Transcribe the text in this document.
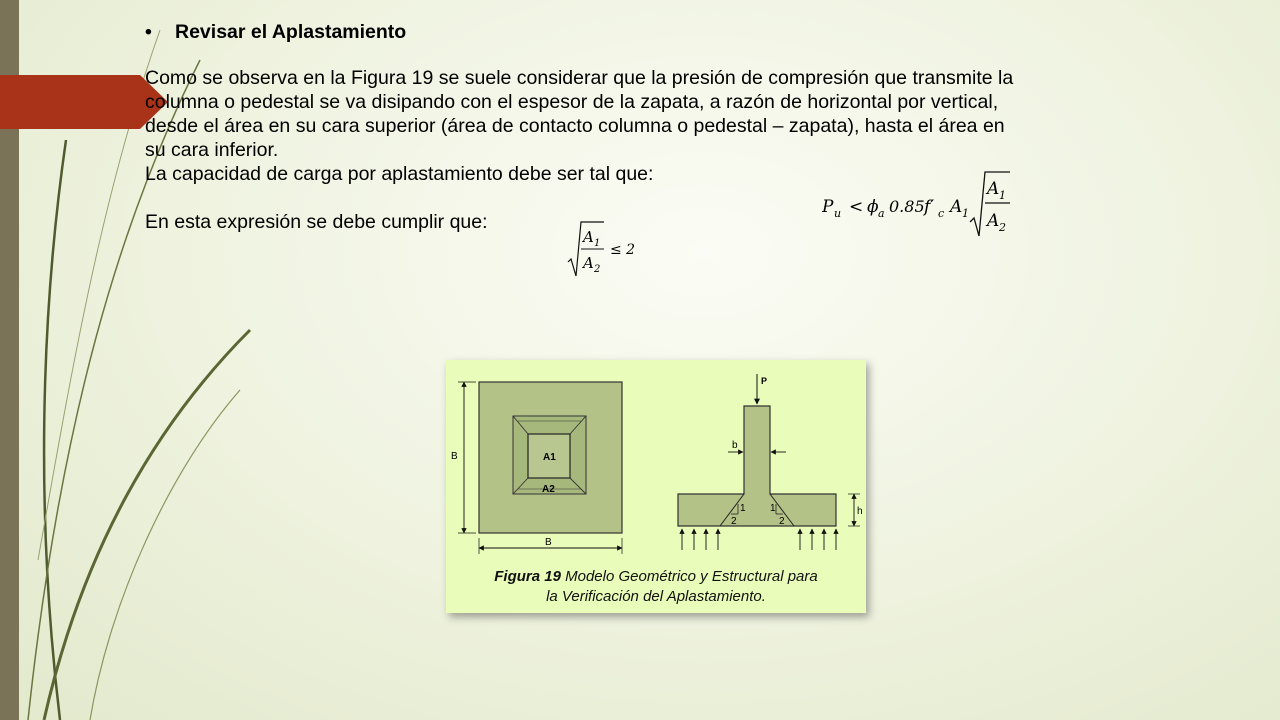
•	Revisar el Aplastamiento

Como se observa en la Figura 19 se suele considerar que la presión de compresión que transmite la

columna o pedestal se va disipando con el espesor de la zapata, a razón de horizontal por vertical,

desde el área en su cara superior (área de contacto columna o pedestal – zapata), hasta el área en

su cara inferior.

La capacidad de carga por aplastamiento debe ser tal que:

En esta expresión se debe cumplir que:

P u < ϕ a 0.85 f′ c A 1
A 1
A 2
A 1
A 2
≤ 2
A1
A2
B
B
1
2
1
2
P
b
h
Figura 19 Modelo Geométrico y Estructural para
la Verificación del Aplastamiento.
